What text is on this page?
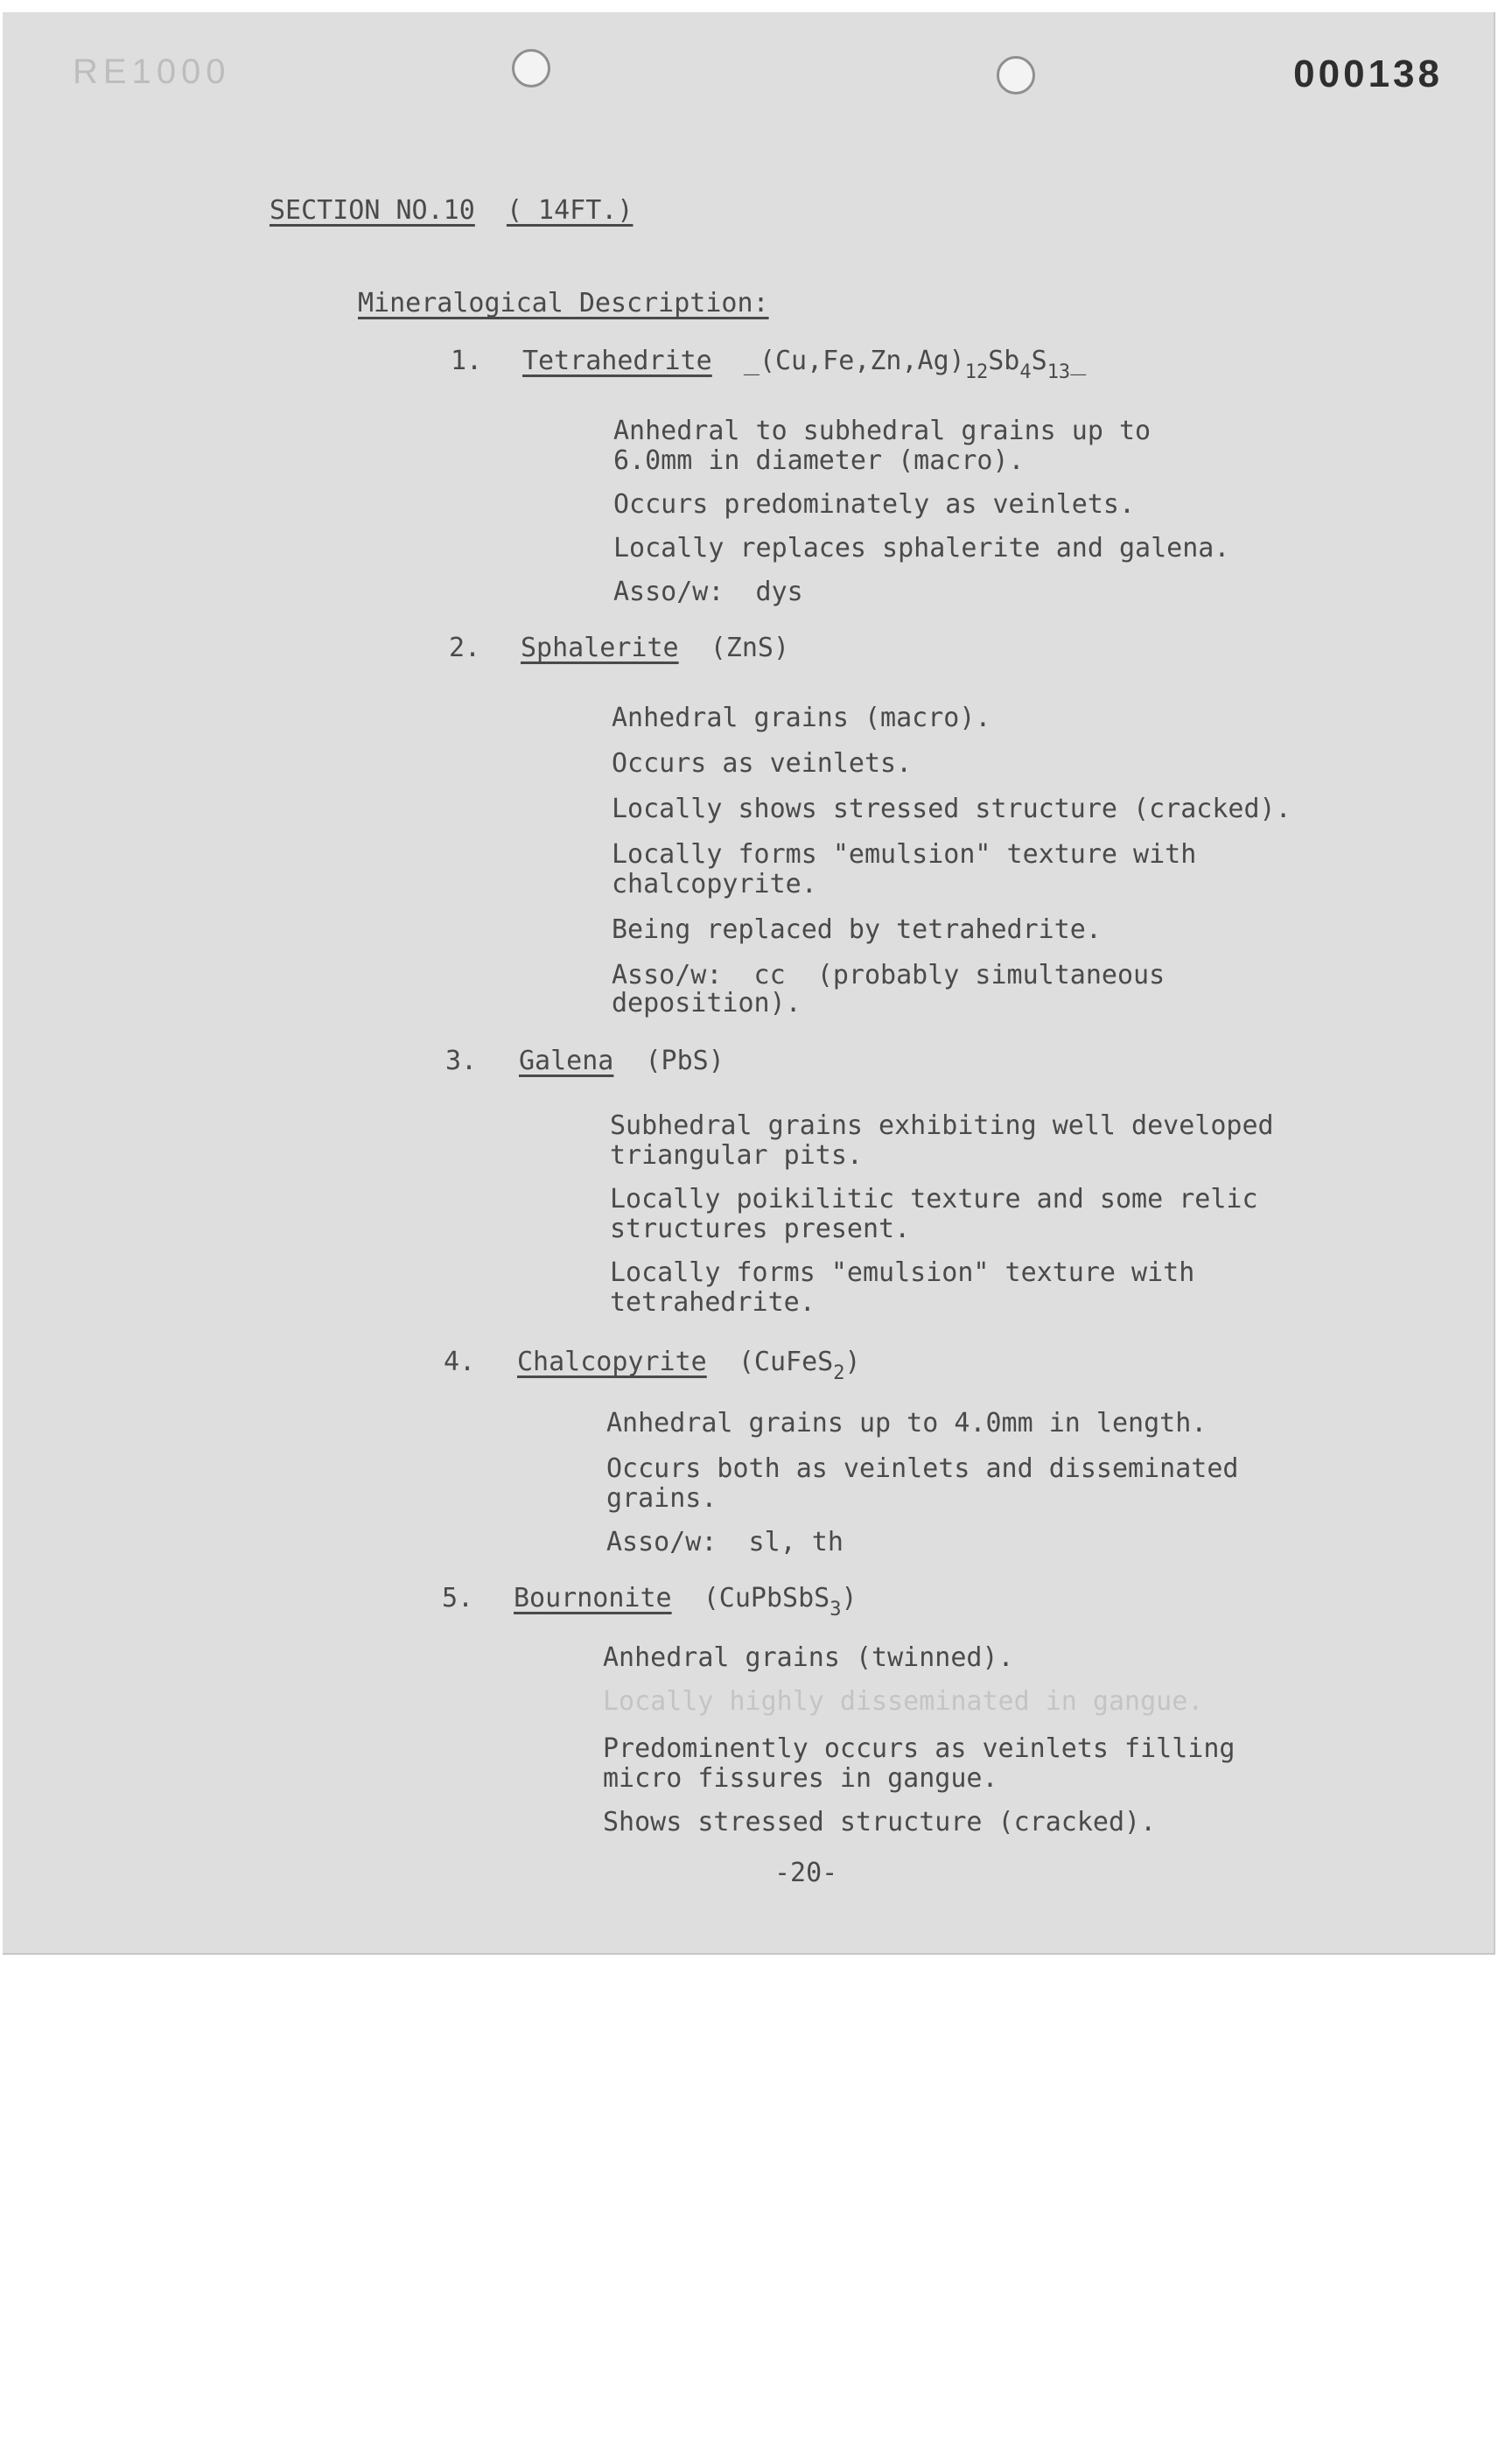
RE1000	000138
SECTION NO.10 ( 14FT.)
Mineralogical Description:
1. Tetrahedrite $\_(Cu,Fe,Zn,Ag)_{12}Sb_4S_{13}\_$
Anhedral to subhedral grains up to
6.0mm in diameter (macro).
Occurs predominately as veinlets.
Locally replaces sphalerite and galena.
Asso/w:  dys
2. Sphalerite (ZnS)
Anhedral grains (macro).
Occurs as veinlets.
Locally shows stressed structure (cracked).
Locally forms "emulsion" texture with
chalcopyrite.
Being replaced by tetrahedrite.
Asso/w:  cc  (probably simultaneous
deposition).
3. Galena (PbS)
Subhedral grains exhibiting well developed
triangular pits.
Locally poikilitic texture and some relic
structures present.
Locally forms "emulsion" texture with
tetrahedrite.
4. Chalcopyrite (CuFeS$_2$)
Anhedral grains up to 4.0mm in length.
Occurs both as veinlets and disseminated
grains.
Asso/w:  sl, th
5. Bournonite (CuPbSbS$_3$)
Anhedral grains (twinned).
Locally highly disseminated in gangue.
Predominently occurs as veinlets filling
micro fissures in gangue.
Shows stressed structure (cracked).
-20-
